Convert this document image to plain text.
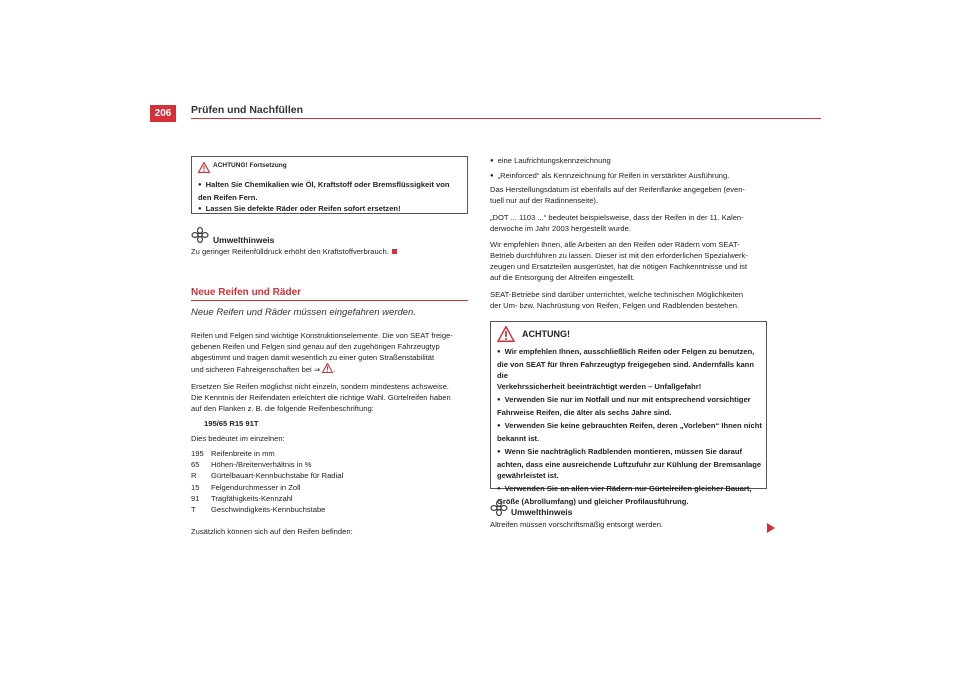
206	Prüfen und Nachfüllen
ACHTUNG! Fortsetzung
● Halten Sie Chemikalien wie Öl, Kraftstoff oder Bremsflüssigkeit von den Reifen Fern.
● Lassen Sie defekte Räder oder Reifen sofort ersetzen!
Umwelthinweis
Zu geringer Reifenfülldruck erhöht den Kraftstoffverbrauch.
Neue Reifen und Räder
Neue Reifen und Räder müssen eingefahren werden.
Reifen und Felgen sind wichtige Konstruktionselemente. Die von SEAT freige-
gebenen Reifen und Felgen sind genau auf den zugehörigen Fahrzeugtyp
abgestimmt und tragen damit wesentlich zu einer guten Straßenstabilität
und sicheren Fahreigenschaften bei ⇒ .
Ersetzen Sie Reifen möglichst nicht einzeln, sondern mindestens achsweise.
Die Kenntnis der Reifendaten erleichtert die richtige Wahl. Gürtelreifen haben
auf den Flanken z. B. die folgende Reifenbeschriftung:
195/65 R15 91T
Dies bedeutet im einzelnen:
195 Reifenbreite in mm
65 Höhen-/Breitenverhältnis in %
R Gürtelbauart-Kennbuchstabe für Radial
15 Felgendurchmesser in Zoll
91 Tragfähigkeits-Kennzahl
T Geschwindigkeits-Kennbuchstabe
Zusätzlich können sich auf den Reifen befinden:
● eine Laufrichtungskennzeichnung
● „Reinforced“ als Kennzeichnung für Reifen in verstärkter Ausführung.
Das Herstellungsdatum ist ebenfalls auf der Reifenflanke angegeben (even-
tuell nur auf der Radinnenseite).
„DOT ... 1103 ...“ bedeutet beispielsweise, dass der Reifen in der 11. Kalen-
derwoche im Jahr 2003 hergestellt wurde.
Wir empfehlen Ihnen, alle Arbeiten an den Reifen oder Rädern vom SEAT-
Betrieb durchführen zu lassen. Dieser ist mit den erforderlichen Spezialwerk-
zeugen und Ersatzteilen ausgerüstet, hat die nötigen Fachkenntnisse und ist
auf die Entsorgung der Altreifen eingestellt.
SEAT-Betriebe sind darüber unterrichtet, welche technischen Möglichkeiten
der Um- bzw. Nachrüstung von Reifen, Felgen und Radblenden bestehen.
ACHTUNG!
● Wir empfehlen Ihnen, ausschließlich Reifen oder Felgen zu benutzen,
die von SEAT für Ihren Fahrzeugtyp freigegeben sind. Andernfalls kann die
Verkehrssicherheit beeinträchtigt werden – Unfallgefahr!
● Verwenden Sie nur im Notfall und nur mit entsprechend vorsichtiger
Fahrweise Reifen, die älter als sechs Jahre sind.
● Verwenden Sie keine gebrauchten Reifen, deren „Vorleben“ Ihnen nicht
bekannt ist.
● Wenn Sie nachträglich Radblenden montieren, müssen Sie darauf
achten, dass eine ausreichende Luftzufuhr zur Kühlung der Bremsanlage
gewährleistet ist.
● Verwenden Sie an allen vier Rädern nur Gürtelreifen gleicher Bauart,
Größe (Abrollumfang) und gleicher Profilausführung.
Umwelthinweis
Altreifen müssen vorschriftsmäßig entsorgt werden.
